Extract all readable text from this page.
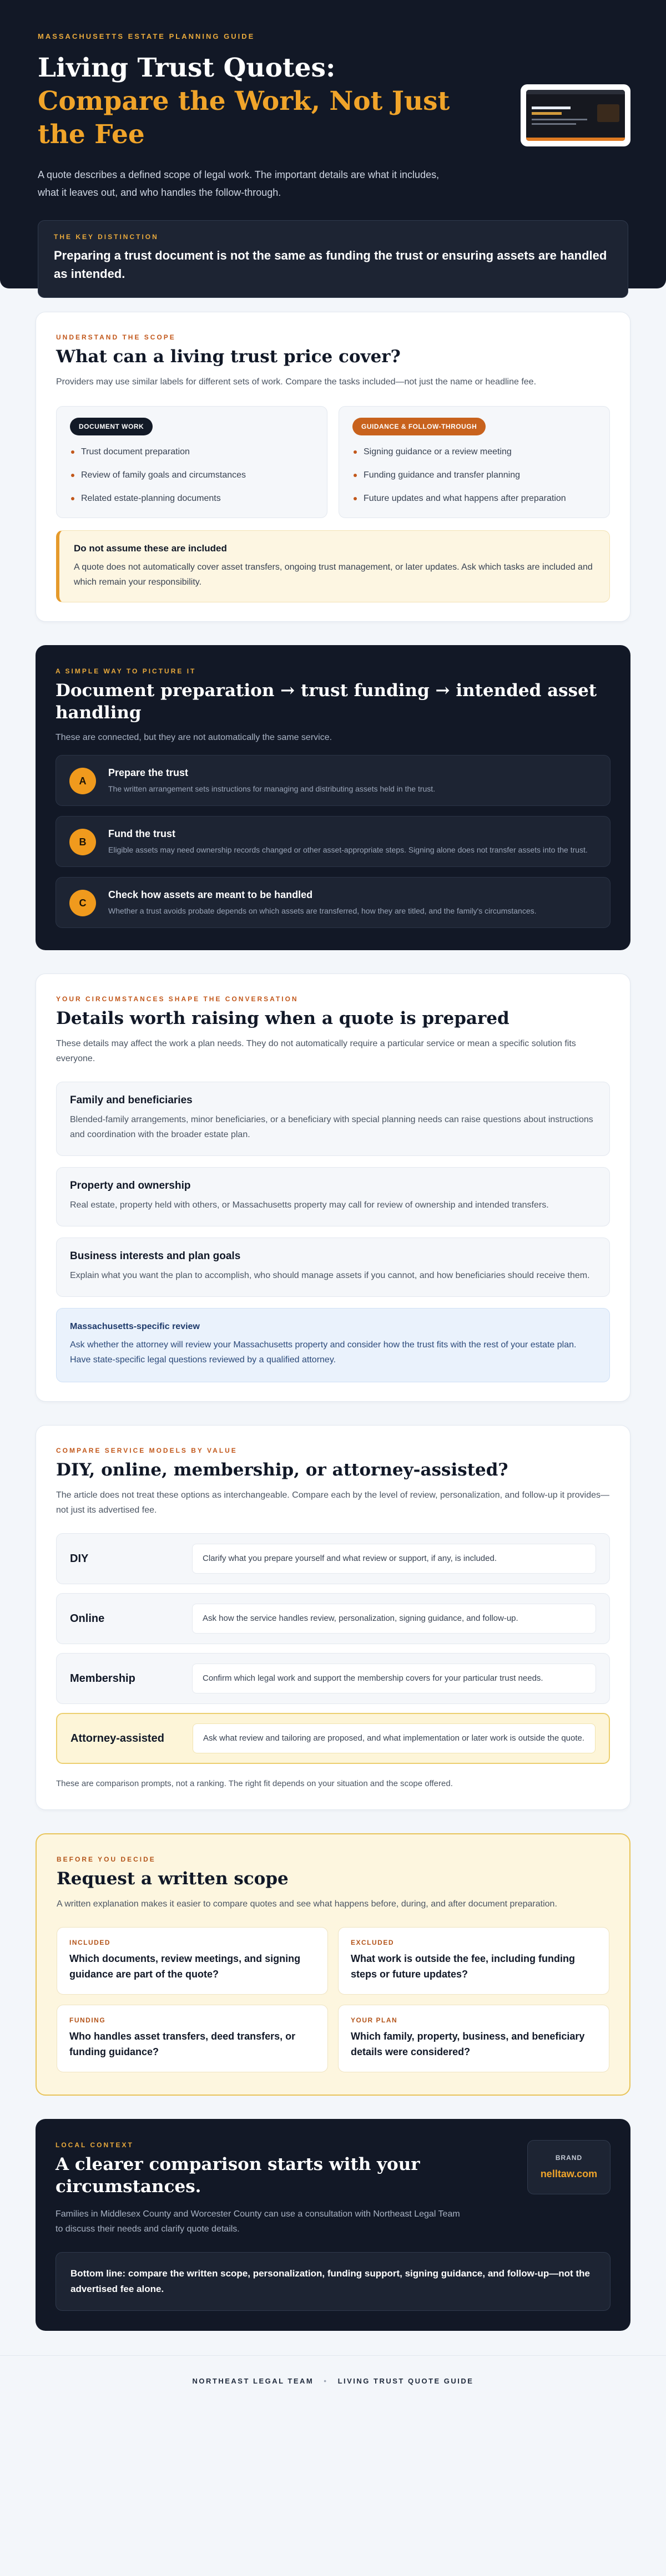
MASSACHUSETTS ESTATE PLANNING GUIDE
Living Trust Quotes:
Compare the Work, Not Just the Fee

A quote describes a defined scope of legal work. The important details are what it includes, what it leaves out, and who handles the follow-through.

THE KEY DISTINCTION

Preparing a trust document is not the same as funding the trust or ensuring assets are handled as intended.

UNDERSTAND THE SCOPE
What can a living trust price cover?

Providers may use similar labels for different sets of work. Compare the tasks included—not just the name or headline fee.

DOCUMENT WORK
Trust document preparation
Review of family goals and circumstances
Related estate-planning documents
GUIDANCE & FOLLOW-THROUGH
Signing guidance or a review meeting
Funding guidance and transfer planning
Future updates and what happens after preparation
Do not assume these are included

A quote does not automatically cover asset transfers, ongoing trust management, or later updates. Ask which tasks are included and which remain your responsibility.

A SIMPLE WAY TO PICTURE IT
Document preparation → trust funding → intended asset handling

These are connected, but they are not automatically the same service.

A
Prepare the trust

The written arrangement sets instructions for managing and distributing assets held in the trust.

B
Fund the trust

Eligible assets may need ownership records changed or other asset-appropriate steps. Signing alone does not transfer assets into the trust.

C
Check how assets are meant to be handled

Whether a trust avoids probate depends on which assets are transferred, how they are titled, and the family's circumstances.

YOUR CIRCUMSTANCES SHAPE THE CONVERSATION
Details worth raising when a quote is prepared

These details may affect the work a plan needs. They do not automatically require a particular service or mean a specific solution fits everyone.

Family and beneficiaries

Blended-family arrangements, minor beneficiaries, or a beneficiary with special planning needs can raise questions about instructions and coordination with the broader estate plan.

Property and ownership

Real estate, property held with others, or Massachusetts property may call for review of ownership and intended transfers.

Business interests and plan goals

Explain what you want the plan to accomplish, who should manage assets if you cannot, and how beneficiaries should receive them.

Massachusetts-specific review

Ask whether the attorney will review your Massachusetts property and consider how the trust fits with the rest of your estate plan. Have state-specific legal questions reviewed by a qualified attorney.

COMPARE SERVICE MODELS BY VALUE
DIY, online, membership, or attorney-assisted?

The article does not treat these options as interchangeable. Compare each by the level of review, personalization, and follow-up it provides—not just its advertised fee.

DIY	Clarify what you prepare yourself and what review or support, if any, is included.
Online	Ask how the service handles review, personalization, signing guidance, and follow-up.
Membership	Confirm which legal work and support the membership covers for your particular trust needs.
Attorney-assisted	Ask what review and tailoring are proposed, and what implementation or later work is outside the quote.

These are comparison prompts, not a ranking. The right fit depends on your situation and the scope offered.

BEFORE YOU DECIDE
Request a written scope

A written explanation makes it easier to compare quotes and see what happens before, during, and after document preparation.

INCLUDED
Which documents, review meetings, and signing guidance are part of the quote?
EXCLUDED
What work is outside the fee, including funding steps or future updates?
FUNDING
Who handles asset transfers, deed transfers, or funding guidance?
YOUR PLAN
Which family, property, business, and beneficiary details were considered?
LOCAL CONTEXT
A clearer comparison starts with your circumstances.

Families in Middlesex County and Worcester County can use a consultation with Northeast Legal Team to discuss their needs and clarify quote details.

BRAND
nelltaw.com
Bottom line: compare the written scope, personalization, funding support, signing guidance, and follow-up—not the advertised fee alone.
NORTHEAST LEGAL TEAM • LIVING TRUST QUOTE GUIDE
